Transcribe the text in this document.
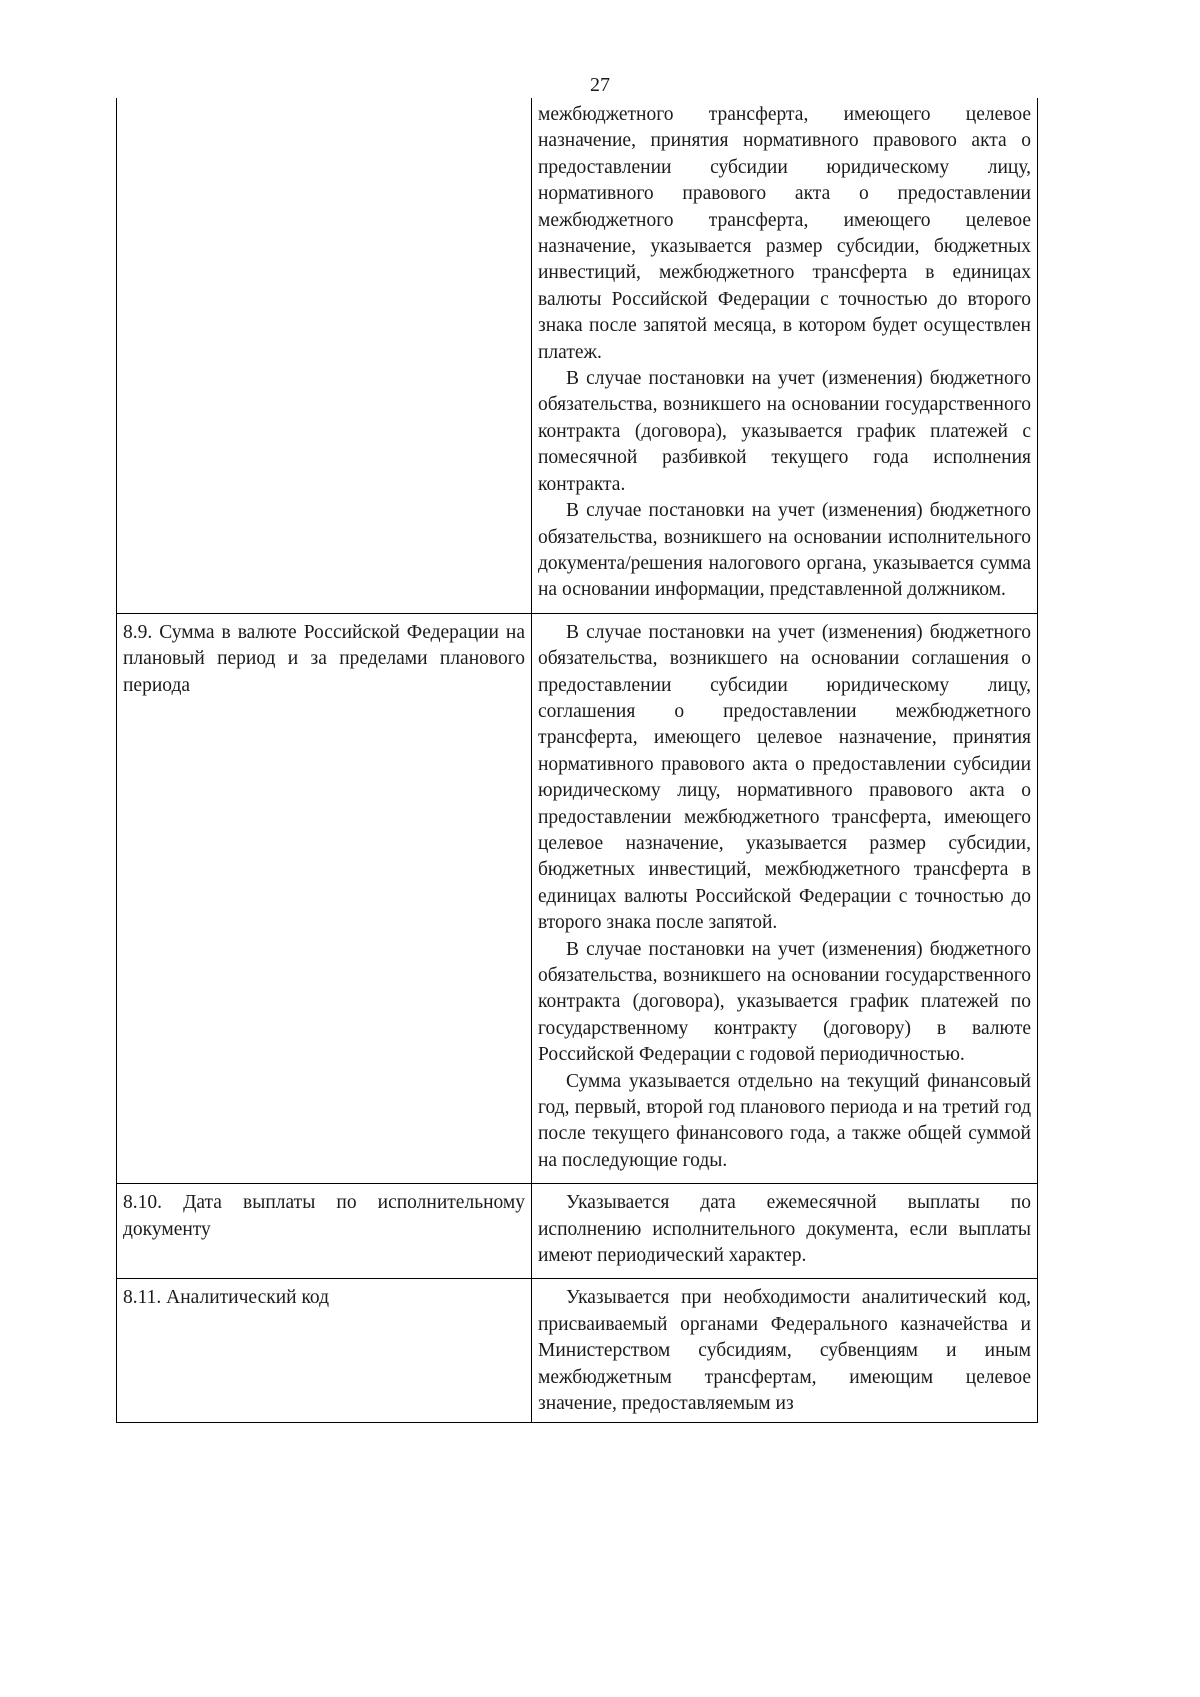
27

	межбюджетного трансферта, имеющего целевое назначение, принятия нормативного правового акта о предоставлении субсидии юридическому лицу, нормативного правового акта о предоставлении межбюджетного трансферта, имеющего целевое назначение, указывается размер субсидии, бюджетных инвестиций, межбюджетного трансферта в единицах валюты Российской Федерации с точностью до второго знака после запятой месяца, в котором будет осуществлен платеж.

В случае постановки на учет (изменения) бюджетного обязательства, возникшего на основании государственного контракта (договора), указывается график платежей с помесячной разбивкой текущего года исполнения контракта.

В случае постановки на учет (изменения) бюджетного обязательства, возникшего на основании исполнительного документа/решения налогового органа, указывается сумма на основании информации, представленной должником.

8.9. Сумма в валюте Российской Федерации на плановый период и за пределами планового периода	В случае постановки на учет (изменения) бюджетного обязательства, возникшего на основании соглашения о предоставлении субсидии юридическому лицу, соглашения о предоставлении межбюджетного трансферта, имеющего целевое назначение, принятия нормативного правового акта о предоставлении субсидии юридическому лицу, нормативного правового акта о предоставлении межбюджетного трансферта, имеющего целевое назначение, указывается размер субсидии, бюджетных инвестиций, межбюджетного трансферта в единицах валюты Российской Федерации с точностью до второго знака после запятой.

В случае постановки на учет (изменения) бюджетного обязательства, возникшего на основании государственного контракта (договора), указывается график платежей по государственному контракту (договору) в валюте Российской Федерации с годовой периодичностью.

Сумма указывается отдельно на текущий финансовый год, первый, второй год планового периода и на третий год после текущего финансового года, а также общей суммой на последующие годы.

8.10. Дата выплаты по исполнительному документу	Указывается дата ежемесячной выплаты по исполнению исполнительного документа, если выплаты имеют периодический характер.

8.11. Аналитический код	Указывается при необходимости аналитический код, присваиваемый органами Федерального казначейства и Министерством субсидиям, субвенциям и иным межбюджетным трансфертам, имеющим целевое значение, предоставляемым из
